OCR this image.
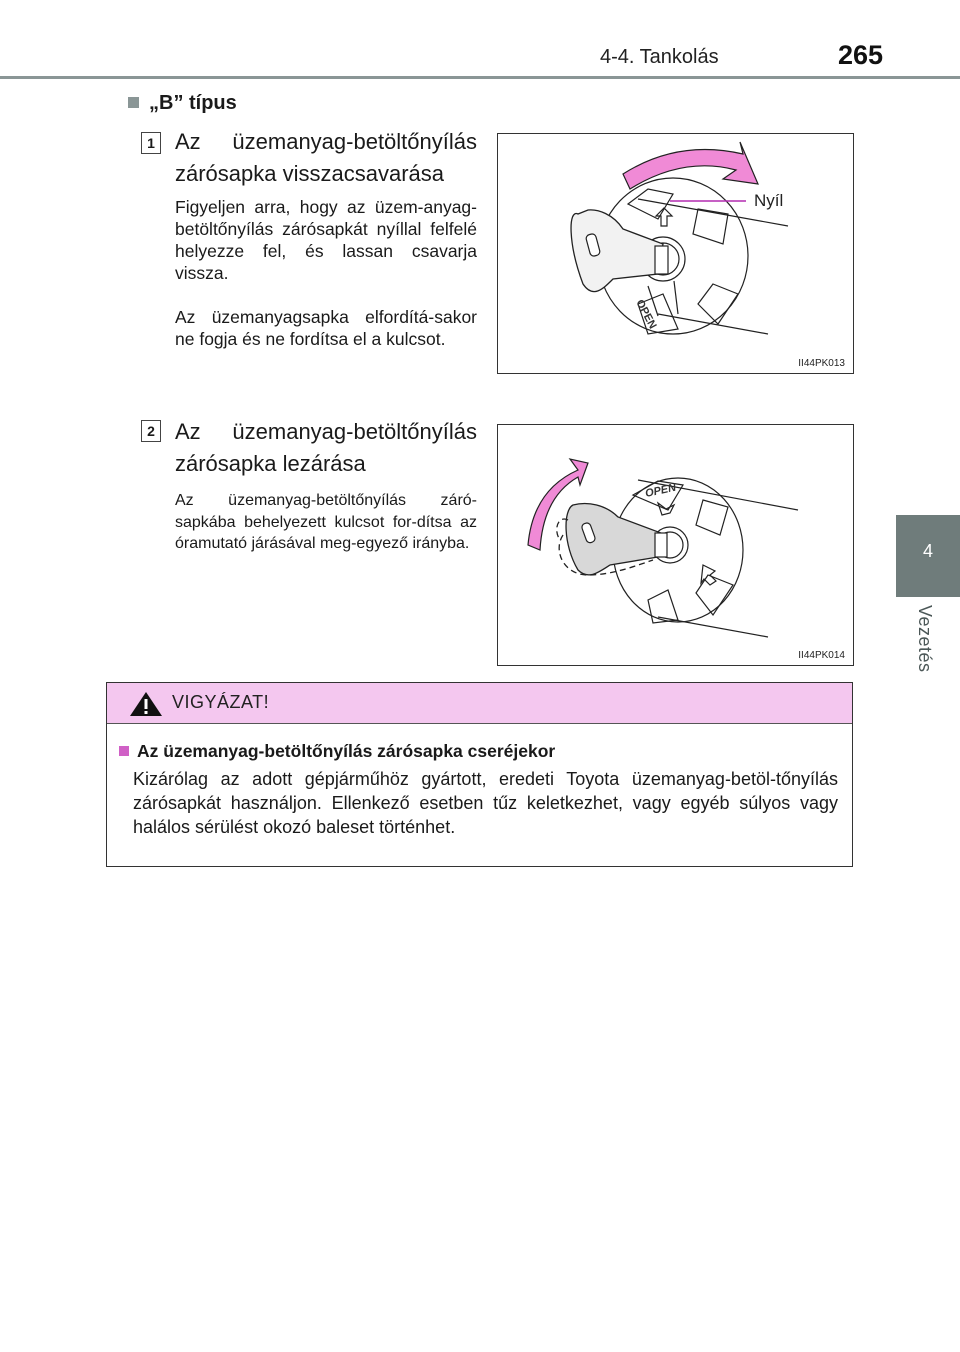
4-4. Tankolás	265
4
Vezetés
„B” típus
1 Az üzemanyag-betöltőnyílás zárósapka visszacsavarása
Figyeljen arra, hogy az üzem-anyag-betöltőnyílás zárósapkát nyíllal felfelé helyezze fel, és lassan csavarja vissza.
Az üzemanyagsapka elfordítá-sakor ne fogja és ne fordítsa el a kulcsot.
OPEN
Nyíl
II44PK013
2 Az üzemanyag-betöltőnyílás zárósapka lezárása
Az üzemanyag-betöltőnyílás záró-sapkába behelyezett kulcsot for-dítsa az óramutató járásával meg-egyező irányba.
OPEN
II44PK014
VIGYÁZAT!
Az üzemanyag-betöltőnyílás zárósapka cseréjekor
Kizárólag az adott gépjárműhöz gyártott, eredeti Toyota üzemanyag-betöl-tőnyílás zárósapkát használjon. Ellenkező esetben tűz keletkezhet, vagy egyéb súlyos vagy halálos sérülést okozó baleset történhet.
